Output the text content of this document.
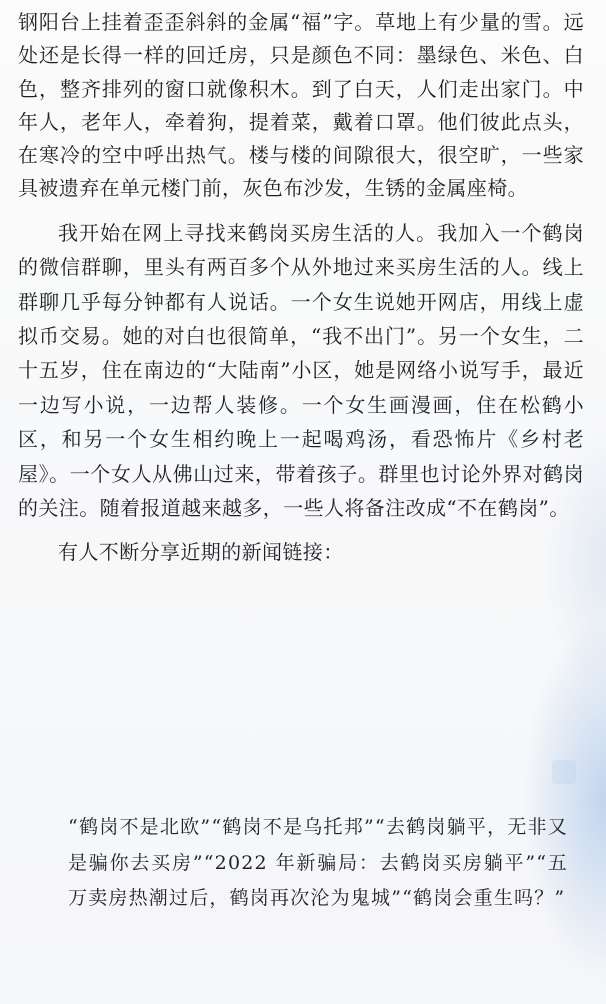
钢阳台上挂着歪歪斜斜的金属“福”字。草地上有少量的雪。远处还是长得一样的回迁房，只是颜色不同：墨绿色、米色、白色，整齐排列的窗口就像积木。到了白天，人们走出家门。中年人，老年人，牵着狗，提着菜，戴着口罩。他们彼此点头，在寒冷的空中呼出热气。楼与楼的间隙很大，很空旷，一些家具被遗弃在单元楼门前，灰色布沙发，生锈的金属座椅。

我开始在网上寻找来鹤岗买房生活的人。我加入一个鹤岗的微信群聊，里头有两百多个从外地过来买房生活的人。线上群聊几乎每分钟都有人说话。一个女生说她开网店，用线上虚拟币交易。她的对白也很简单，“我不出门”。另一个女生，二十五岁，住在南边的“大陆南”小区，她是网络小说写手，最近一边写小说，一边帮人装修。一个女生画漫画，住在松鹤小区，和另一个女生相约晚上一起喝鸡汤，看恐怖片《乡村老屋》。一个女人从佛山过来，带着孩子。群里也讨论外界对鹤岗的关注。随着报道越来越多，一些人将备注改成“不在鹤岗”。

有人不断分享近期的新闻链接：

“鹤岗不是北欧”“鹤岗不是乌托邦”“去鹤岗躺平，无非又是骗你去买房”“2022 年新骗局：去鹤岗买房躺平”“五万卖房热潮过后，鹤岗再次沦为鬼城”“鹤岗会重生吗？”
